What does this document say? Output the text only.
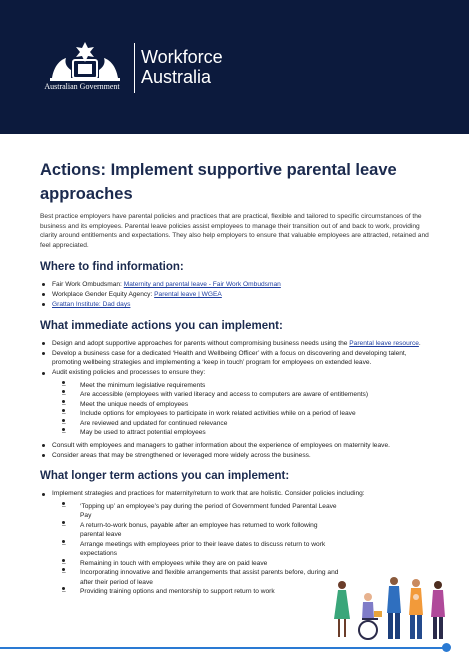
Australian Government
Workforce
Australia
Actions: Implement supportive parental leave approaches

Best practice employers have parental policies and practices that are practical, flexible and tailored to specific circumstances of the business and its employees. Parental leave policies assist employees to manage their transition out of and back to work, providing clarity around entitlements and expectations. They also help employers to ensure that valuable employees are attracted, retained and feel appreciated.

Where to find information:
Fair Work Ombudsman: Maternity and parental leave - Fair Work Ombudsman
Workplace Gender Equity Agency: Parental leave | WGEA
Grattan Institute: Dad days
What immediate actions you can implement:
Design and adopt supportive approaches for parents without compromising business needs using the Parental leave resource.
Develop a business case for a dedicated ‘Health and Wellbeing Officer’ with a focus on discovering and developing talent, promoting wellbeing strategies and implementing a ‘keep in touch’ program for employees on extended leave.
Audit existing policies and processes to ensure they:
– Meet the minimum legislative requirements
– Are accessible (employees with varied literacy and access to computers are aware of entitlements)
– Meet the unique needs of employees
– Include options for employees to participate in work related activities while on a period of leave
– Are reviewed and updated for continued relevance
– May be used to attract potential employees
Consult with employees and managers to gather information about the experience of employees on maternity leave.
Consider areas that may be strengthened or leveraged more widely across the business.
What longer term actions you can implement:
Implement strategies and practices for maternity/return to work that are holistic. Consider policies including:
– ‘Topping up’ an employee’s pay during the period of Government funded Parental Leave Pay
– A return-to-work bonus, payable after an employee has returned to work following parental leave
– Arrange meetings with employees prior to their leave dates to discuss return to work expectations
– Remaining in touch with employees while they are on paid leave
– Incorporating innovative and flexible arrangements that assist parents before, during and after their period of leave
– Providing training options and mentorship to support return to work
